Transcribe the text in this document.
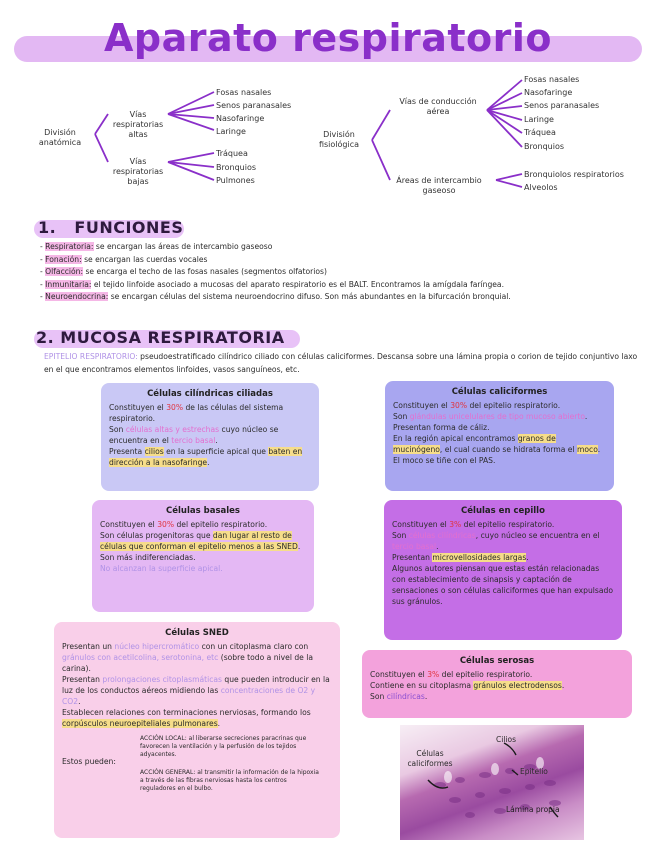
Aparato respiratorio
División anatómica
Vías respiratorias altas
Vías respiratorias bajas
Fosas nasales
Senos paranasales
Nasofaringe
Laringe
Tráquea
Bronquios
Pulmones
División fisiológica
Vías de conducción aérea
Áreas de intercambio gaseoso
Fosas nasales
Nasofaringe
Senos paranasales
Laringe
Tráquea
Bronquios
Bronquiolos respiratorios
Alveolos
1.   FUNCIONES
- Respiratoria: se encargan las áreas de intercambio gaseoso
- Fonación: se encargan las cuerdas vocales
- Olfacción: se encarga el techo de las fosas nasales (segmentos olfatorios)
- Inmunitaria: el tejido linfoide asociado a mucosas del aparato respiratorio es el BALT. Encontramos la amígdala faríngea.
- Neuroendocrina: se encargan células del sistema neuroendocrino difuso. Son más abundantes en la bifurcación bronquial.
2. MUCOSA RESPIRATORIA
EPITELIO RESPIRATORIO: pseudoestratificado cilíndrico ciliado con células caliciformes. Descansa sobre una lámina propia o corion de tejido conjuntivo laxo en el que encontramos elementos linfoides, vasos sanguíneos, etc.
Células cilíndricas ciliadas

Constituyen el 30% de las células del sistema respiratorio.

Son células altas y estrechas cuyo núcleo se encuentra en el tercio basal.

Presenta cilios en la superficie apical que baten en dirección a la nasofaringe.

Células caliciformes

Constituyen el 30% del epitelio respiratorio.

Son glándulas unicelulares de tipo mucoso abierto. Presentan forma de cáliz.

En la región apical encontramos granos de mucinógeno, el cual cuando se hidrata forma el moco. El moco se tiñe con el PAS.

Células basales

Constituyen el 30% del epitelio respiratorio.

Son células progenitoras que dan lugar al resto de células que conforman el epitelio menos a las SNED.

Son más indiferenciadas.

No alcanzan la superficie apical.

Células en cepillo

Constituyen el 3% del epitelio respiratorio.

Son células cilíndricas, cuyo núcleo se encuentra en el tercio basal.

Presentan microvellosidades largas.

Algunos autores piensan que estas están relacionadas con establecimiento de sinapsis y captación de sensaciones o son células caliciformes que han expulsado sus gránulos.

Células SNED

Presentan un núcleo hipercromático con un citoplasma claro con gránulos con acetilcolina, serotonina, etc (sobre todo a nivel de la carina).

Presentan prolongaciones citoplasmáticas que pueden introducir en la luz de los conductos aéreos midiendo las concentraciones de O2 y CO2.

Establecen relaciones con terminaciones nerviosas, formando los corpúsculos neuroepiteliales pulmonares.

Estos pueden:
ACCIÓN LOCAL: al liberarse secreciones paracrinas que favorecen la ventilación y la perfusión de los tejidos adyacentes.
ACCIÓN GENERAL: al transmitir la información de la hipoxia a través de las fibras nerviosas hasta los centros reguladores en el bulbo.
Células serosas

Constituyen el 3% del epitelio respiratorio.

Contiene en su citoplasma gránulos electrodensos.

Son cilíndricas.

Células caliciformes
Cilios
Epitelio
Lámina propia
